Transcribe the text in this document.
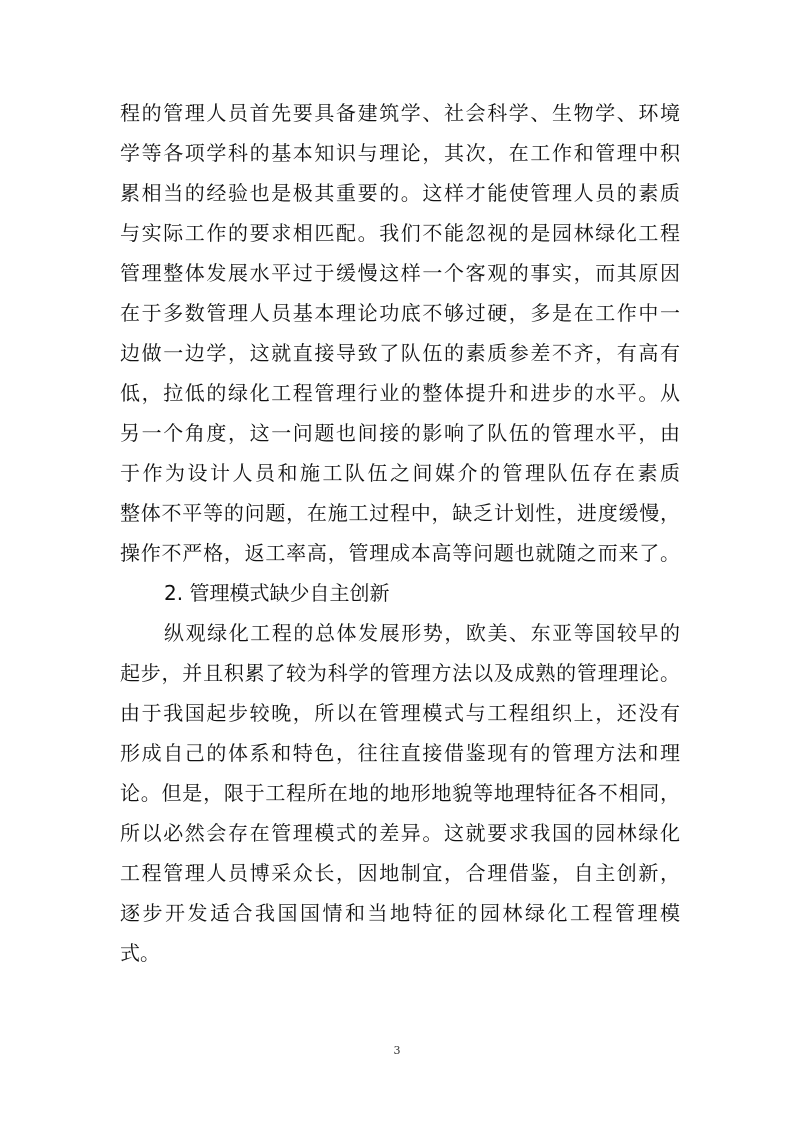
程的管理人员首先要具备建筑学、社会科学、生物学、环境
学等各项学科的基本知识与理论，其次，在工作和管理中积
累相当的经验也是极其重要的。这样才能使管理人员的素质
与实际工作的要求相匹配。我们不能忽视的是园林绿化工程
管理整体发展水平过于缓慢这样一个客观的事实，而其原因
在于多数管理人员基本理论功底不够过硬，多是在工作中一
边做一边学，这就直接导致了队伍的素质参差不齐，有高有
低，拉低的绿化工程管理行业的整体提升和进步的水平。从
另一个角度，这一问题也间接的影响了队伍的管理水平，由
于作为设计人员和施工队伍之间媒介的管理队伍存在素质
整体不平等的问题，在施工过程中，缺乏计划性，进度缓慢，
操作不严格，返工率高，管理成本高等问题也就随之而来了。
2. 管理模式缺少自主创新
纵观绿化工程的总体发展形势，欧美、东亚等国较早的
起步，并且积累了较为科学的管理方法以及成熟的管理理论。
由于我国起步较晚，所以在管理模式与工程组织上，还没有
形成自己的体系和特色，往往直接借鉴现有的管理方法和理
论。但是，限于工程所在地的地形地貌等地理特征各不相同，
所以必然会存在管理模式的差异。这就要求我国的园林绿化
工程管理人员博采众长，因地制宜，合理借鉴，自主创新，
逐步开发适合我国国情和当地特征的园林绿化工程管理模
式。
3
